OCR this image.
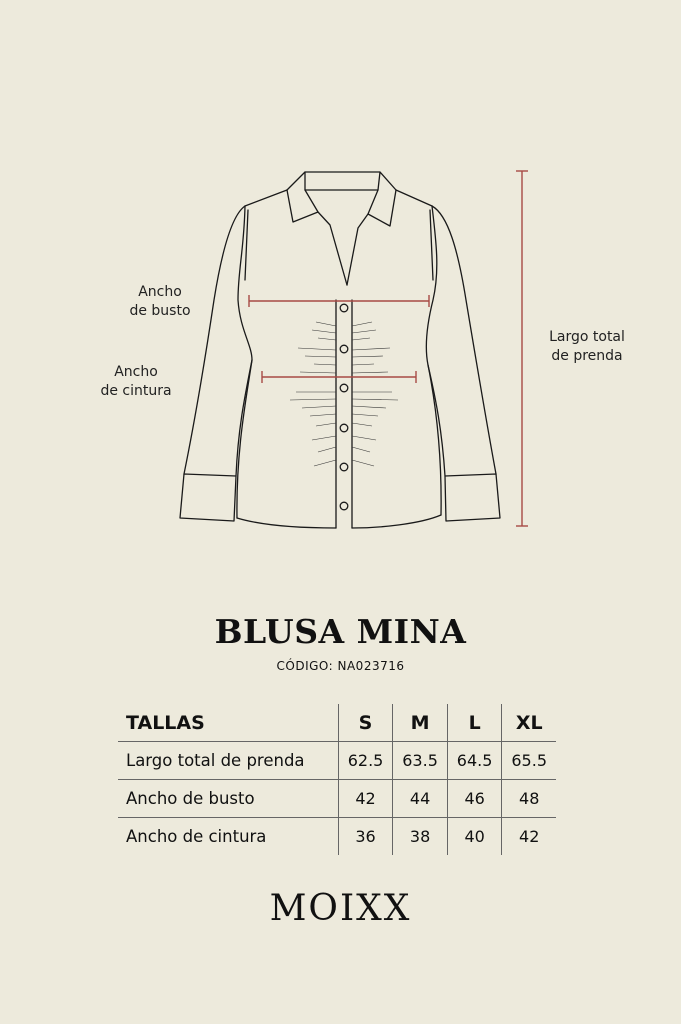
Ancho
de busto
Ancho
de cintura
Largo total
de prenda
BLUSA MINA
CÓDIGO: NA023716
TALLAS	S	M	L	XL
Largo total de prenda	62.5	63.5	64.5	65.5
Ancho de busto	42	44	46	48
Ancho de cintura	36	38	40	42
MOIXX
